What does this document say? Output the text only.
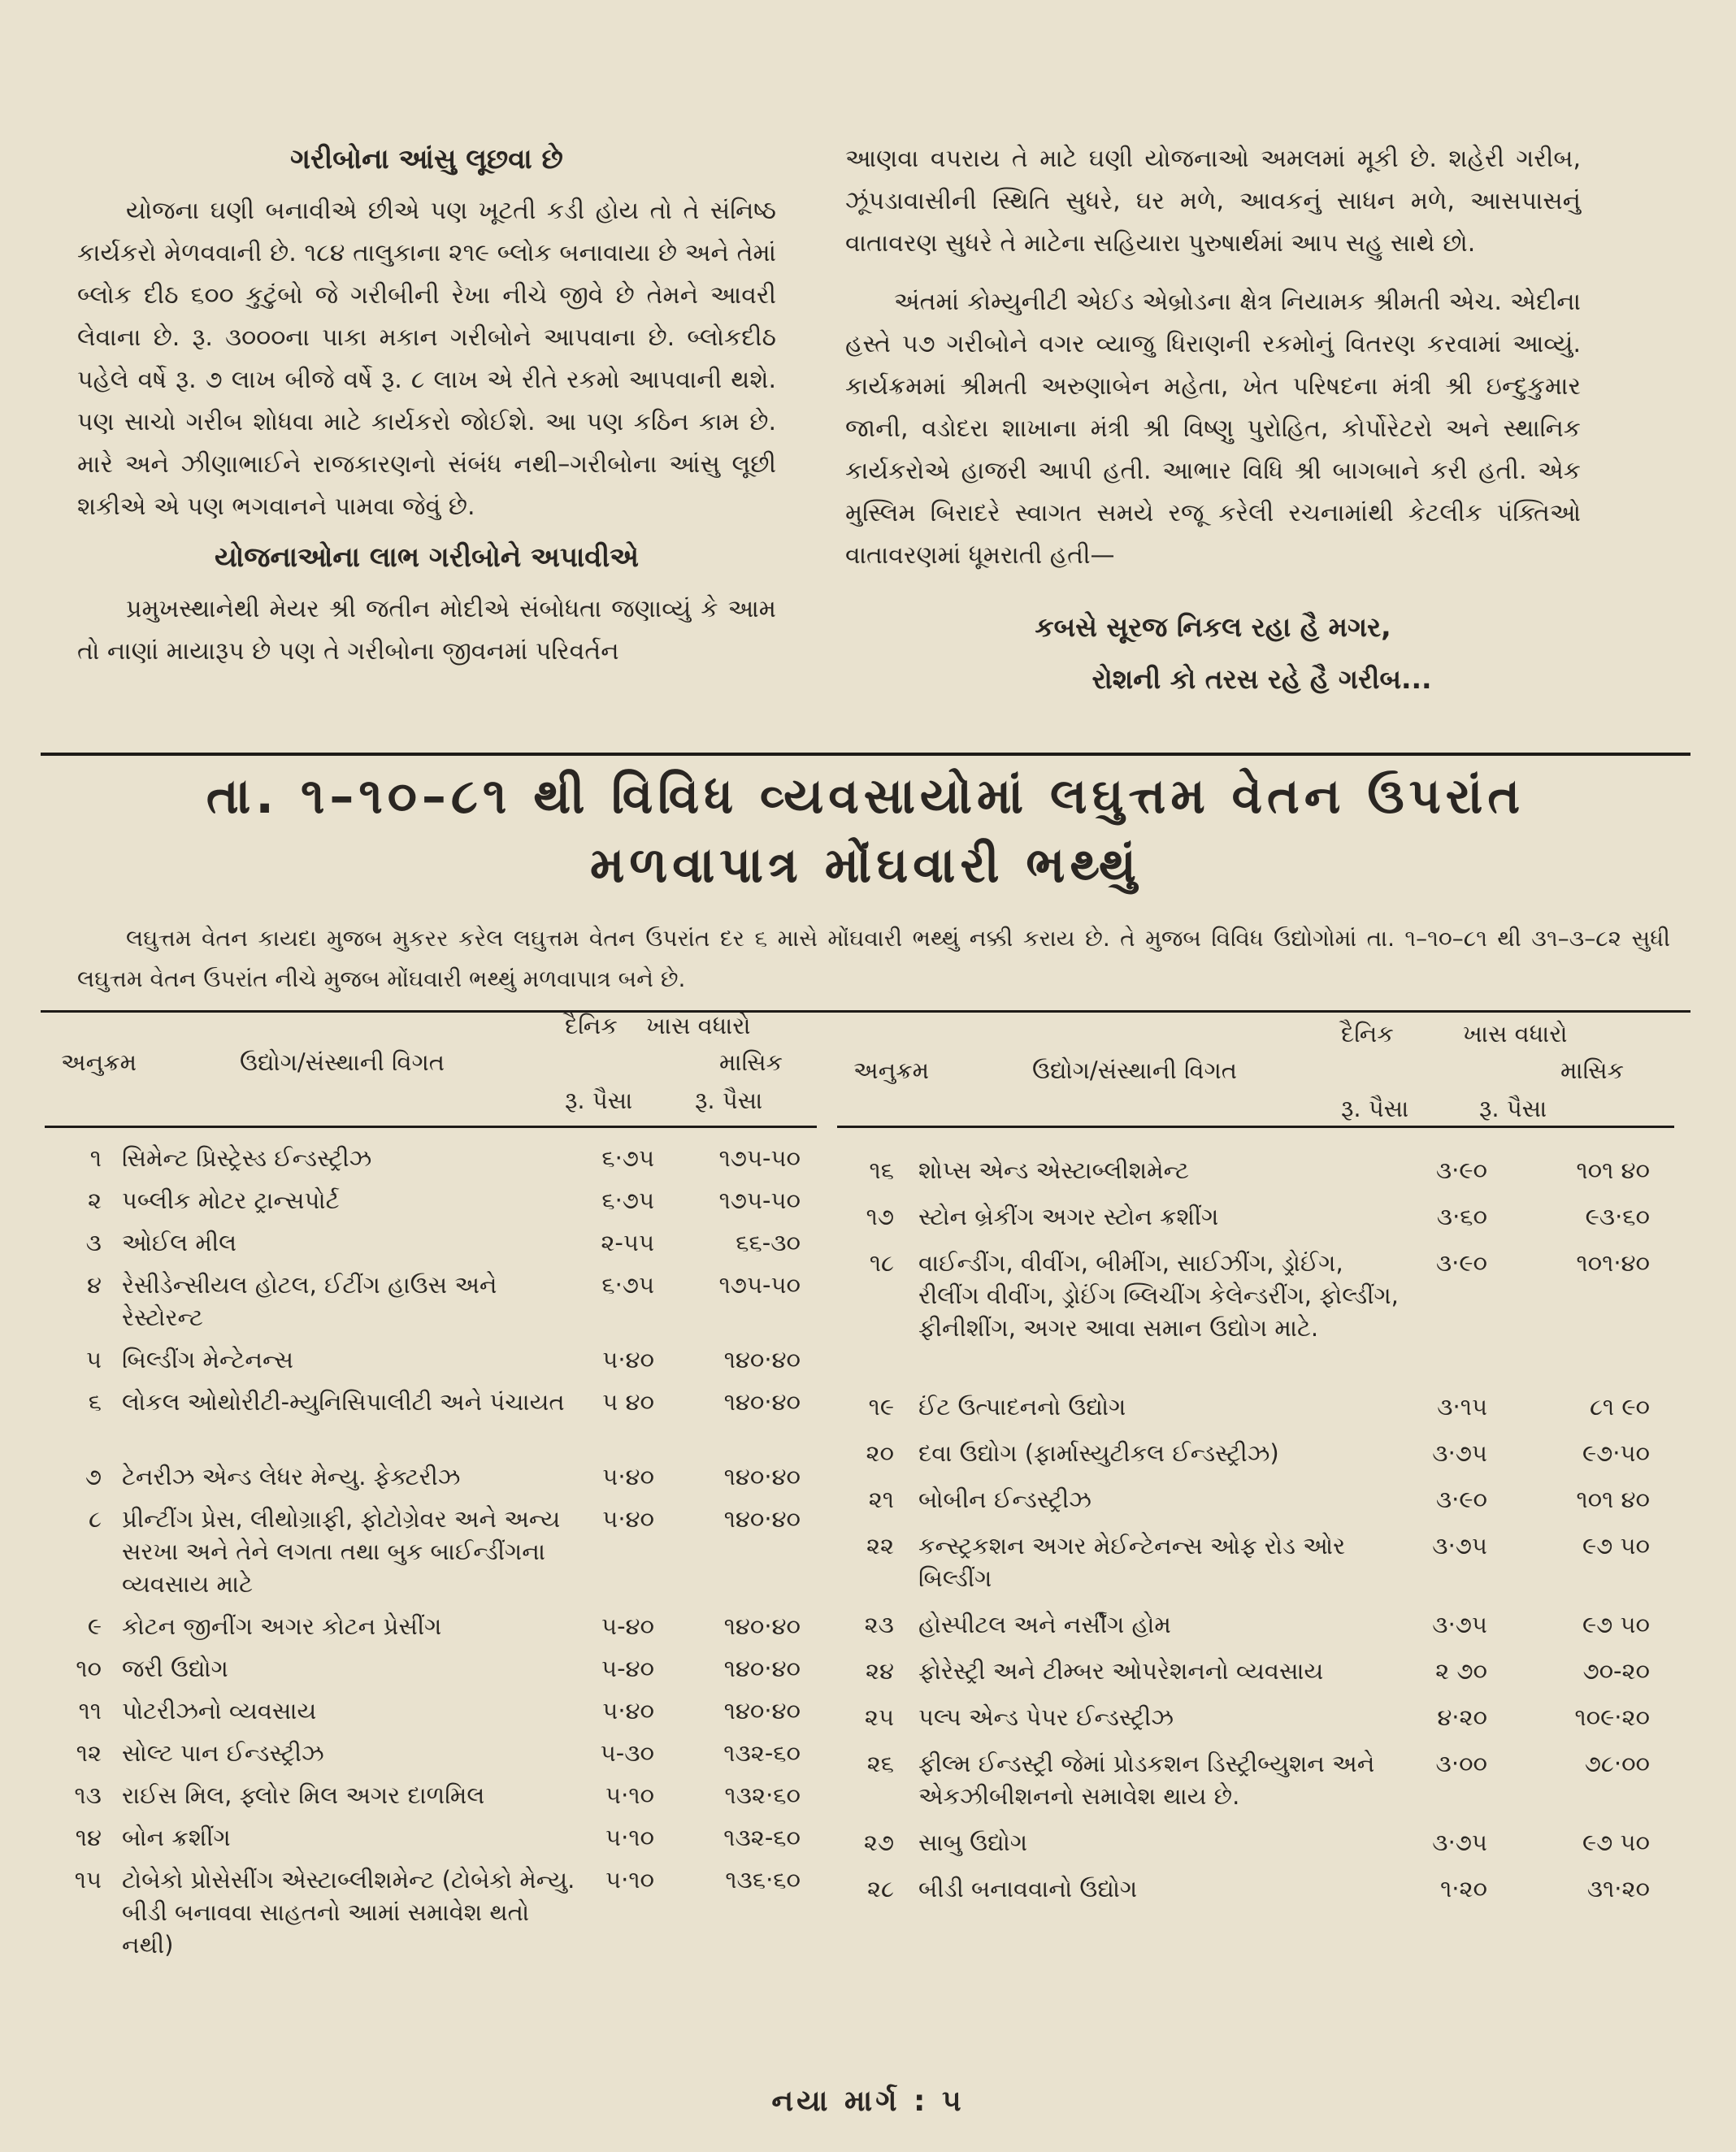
ગરીબોના આંસુ લૂછવા છે

યોજના ઘણી બનાવીએ છીએ પણ ખૂટતી કડી હોય તો તે સંનિષ્ઠ કાર્યકરો મેળવવાની છે. ૧૮૪ તાલુકાના ૨૧૯ બ્લોક બનાવાયા છે અને તેમાં બ્લોક દીઠ ૬૦૦ કુટુંબો જે ગરીબીની રેખા નીચે જીવે છે તેમને આવરી લેવાના છે. રૂ. ૩૦૦૦ના પાકા મકાન ગરીબોને આપવાના છે. બ્લોકદીઠ પહેલે વર્ષે રૂ. ૭ લાખ બીજે વર્ષે રૂ. ૮ લાખ એ રીતે રકમો આપવાની થશે. પણ સાચો ગરીબ શોધવા માટે કાર્યકરો જોઈશે. આ પણ કઠિન કામ છે. મારે અને ઝીણાભાઈને રાજકારણનો સંબંધ નથી–ગરીબોના આંસુ લૂછી શકીએ એ પણ ભગવાનને પામવા જેવું છે.

યોજનાઓના લાભ ગરીબોને અપાવીએ

પ્રમુખસ્થાનેથી મેયર શ્રી જતીન મોદીએ સંબોધતા જણાવ્યું કે આમ તો નાણાં માયારૂપ છે પણ તે ગરીબોના જીવનમાં પરિવર્તન

આણવા વપરાય તે માટે ઘણી યોજનાઓ અમલમાં મૂકી છે. શહેરી ગરીબ, ઝૂંપડાવાસીની સ્થિતિ સુધરે, ઘર મળે, આવકનું સાધન મળે, આસપાસનું વાતાવરણ સુધરે તે માટેના સહિયારા પુરુષાર્થમાં આપ સહુ સાથે છો.

અંતમાં કોમ્યુનીટી એઈડ એબ્રોડના ક્ષેત્ર નિયામક શ્રીમતી એચ. એદીના હસ્તે ૫૭ ગરીબોને વગર વ્યાજુ ધિરાણની રકમોનું વિતરણ કરવામાં આવ્યું. કાર્યક્રમમાં શ્રીમતી અરુણાબેન મહેતા, ખેત પરિષદના મંત્રી શ્રી ઇન્દુકુમાર જાની, વડોદરા શાખાના મંત્રી શ્રી વિષ્ણુ પુરોહિત, કોર્પોરેટરો અને સ્થાનિક કાર્યકરોએ હાજરી આપી હતી. આભાર વિધિ શ્રી બાગબાને કરી હતી. એક મુસ્લિમ બિરાદરે સ્વાગત સમયે રજૂ કરેલી રચનામાંથી કેટલીક પંક્તિઓ વાતાવરણમાં ધૂમરાતી હતી—

કબસે સૂરજ નિકલ રહા હૈ મગર,
રોશની કો તરસ રહે હૈ ગરીબ...
તા. ૧–૧૦–૮૧ થી વિવિધ વ્યવસાયોમાં લઘુત્તમ વેતન ઉપરાંત
મળવાપાત્ર મોંઘવારી ભથ્થું
લઘુત્તમ વેતન કાયદા મુજબ મુકરર કરેલ લઘુત્તમ વેતન ઉપરાંત દર ૬ માસે મોંઘવારી ભથ્થું નક્કી કરાય છે. તે મુજબ વિવિધ ઉદ્યોગોમાં તા. ૧–૧૦–૮૧ થી ૩૧–૩–૮૨ સુધી લઘુત્તમ વેતન ઉપરાંત નીચે મુજબ મોંઘવારી ભથ્થું મળવાપાત્ર બને છે.
અનુક્રમ	ઉદ્યોગ/સંસ્થાની વિગત
દૈનિક ખાસ વધારો
માસિક
રૂ. પૈસા	રૂ. પૈસા
૧ સિમેન્ટ પ્રિસ્ટ્રેસ્ડ ઈન્ડસ્ટ્રીઝ	૬·૭૫	૧૭૫-૫૦
૨ પબ્લીક મોટર ટ્રાન્સપોર્ટ	૬·૭૫	૧૭૫-૫૦
૩ ઓઈલ મીલ	૨-૫૫	૬૬-૩૦
૪ રેસીડેન્સીયલ હોટલ, ઈટીંગ હાઉસ અને રેસ્ટોરન્ટ
૬·૭૫	૧૭૫-૫૦
૫ બિલ્ડીંગ મેન્ટેનન્સ	૫·૪૦	૧૪૦·૪૦
૬ લોકલ ઓથોરીટી-મ્યુનિસિપાલીટી અને પંચાયત	૫ ૪૦	૧૪૦·૪૦
૭ ટેનરીઝ એન્ડ લેધર મેન્યુ. ફેક્ટરીઝ	૫·૪૦	૧૪૦·૪૦
૮ પ્રીન્ટીંગ પ્રેસ, લીથોગ્રાફી, ફોટોગ્રેવર અને અન્ય સરખા અને તેને લગતા તથા બુક બાઈન્ડીંગના વ્યવસાય માટે
૫·૪૦	૧૪૦·૪૦
૯ કોટન જીનીંગ અગર કોટન પ્રેસીંગ	૫-૪૦	૧૪૦·૪૦
૧૦ જરી ઉદ્યોગ	૫-૪૦	૧૪૦·૪૦
૧૧ પોટરીઝનો વ્યવસાય	૫·૪૦	૧૪૦·૪૦
૧૨ સોલ્ટ પાન ઈન્ડસ્ટ્રીઝ	૫-૩૦	૧૩૨-૬૦
૧૩ રાઈસ મિલ, ફ્લોર મિલ અગર દાળમિલ	૫·૧૦	૧૩૨·૬૦
૧૪ બોન ક્રશીંગ	૫·૧૦	૧૩૨-૬૦
૧૫ ટોબેકો પ્રોસેસીંગ એસ્ટાબ્લીશમેન્ટ (ટોબેકો મેન્યુ. બીડી બનાવવા સાહતનો આમાં સમાવેશ થતો નથી)
૫·૧૦	૧૩૬·૬૦
અનુક્રમ	ઉદ્યોગ/સંસ્થાની વિગત
દૈનિક	ખાસ વધારો
માસિક
રૂ. પૈસા	રૂ. પૈસા
૧૬ શોપ્સ એન્ડ એસ્ટાબ્લીશમેન્ટ	૩·૯૦	૧૦૧ ૪૦
૧૭ સ્ટોન બ્રેકીંગ અગર સ્ટોન ક્રશીંગ	૩·૬૦	૯૩·૬૦
૧૮ વાઈન્ડીંગ, વીવીંગ, બીમીંગ, સાઈઝીંગ, ડ્રોઈંગ, રીલીંગ વીવીંગ, ડ્રોઈંગ બ્લિચીંગ કેલેન્ડરીંગ, ફોલ્ડીંગ, ફીનીશીંગ, અગર આવા સમાન ઉદ્યોગ માટે.
૩·૯૦	૧૦૧·૪૦
૧૯ ઈંટ ઉત્પાદનનો ઉદ્યોગ	૩·૧૫	૮૧ ૯૦
૨૦ દવા ઉદ્યોગ (ફાર્માસ્યુટીકલ ઈન્ડસ્ટ્રીઝ)	૩·૭૫	૯૭·૫૦
૨૧ બોબીન ઈન્ડસ્ટ્રીઝ	૩·૯૦	૧૦૧ ૪૦
૨૨ કન્સ્ટ્રકશન અગર મેઈન્ટેનન્સ ઓફ રોડ ઓર બિલ્ડીંગ
૩·૭૫	૯૭ ૫૦
૨૩ હોસ્પીટલ અને નર્સીંગ હોમ	૩·૭૫	૯૭ ૫૦
૨૪ ફોરેસ્ટ્રી અને ટીમ્બર ઓપરેશનનો વ્યવસાય	૨ ૭૦	૭૦-૨૦
૨૫ પલ્પ એન્ડ પેપર ઈન્ડસ્ટ્રીઝ	૪·૨૦	૧૦૯·૨૦
૨૬ ફીલ્મ ઈન્ડસ્ટ્રી જેમાં પ્રોડકશન ડિસ્ટ્રીબ્યુશન અને એકઝીબીશનનો સમાવેશ થાય છે.
૩·૦૦	૭૮·૦૦
૨૭ સાબુ ઉદ્યોગ	૩·૭૫	૯૭ ૫૦
૨૮ બીડી બનાવવાનો ઉદ્યોગ	૧·૨૦	૩૧·૨૦
નયા માર્ગ : ૫
